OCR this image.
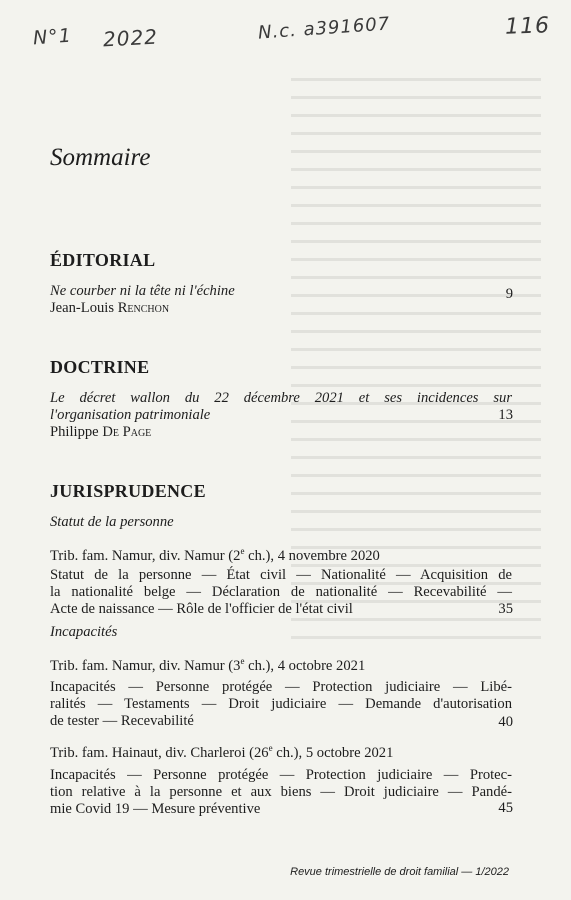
N°1 2022	N.c. a391607	116
Sommaire
ÉDITORIAL
Ne courber ni la tête ni l'échine
Jean-Louis Renchon
9
DOCTRINE
Le décret wallon du 22 décembre 2021 et ses incidences sur
l'organisation patrimoniale
Philippe De Page
13
JURISPRUDENCE
Statut de la personne
Trib. fam. Namur, div. Namur (2e ch.), 4 novembre 2020
Statut de la personne — État civil — Nationalité — Acquisition de
la nationalité belge — Déclaration de nationalité — Recevabilité —
Acte de naissance — Rôle de l'officier de l'état civil	35
Incapacités
Trib. fam. Namur, div. Namur (3e ch.), 4 octobre 2021
Incapacités — Personne protégée — Protection judiciaire — Libé-
ralités — Testaments — Droit judiciaire — Demande d'autorisation
de tester — Recevabilité	40
Trib. fam. Hainaut, div. Charleroi (26e ch.), 5 octobre 2021
Incapacités — Personne protégée — Protection judiciaire — Protec-
tion relative à la personne et aux biens — Droit judiciaire — Pandé-
mie Covid 19 — Mesure préventive	45
Revue trimestrielle de droit familial — 1/2022
